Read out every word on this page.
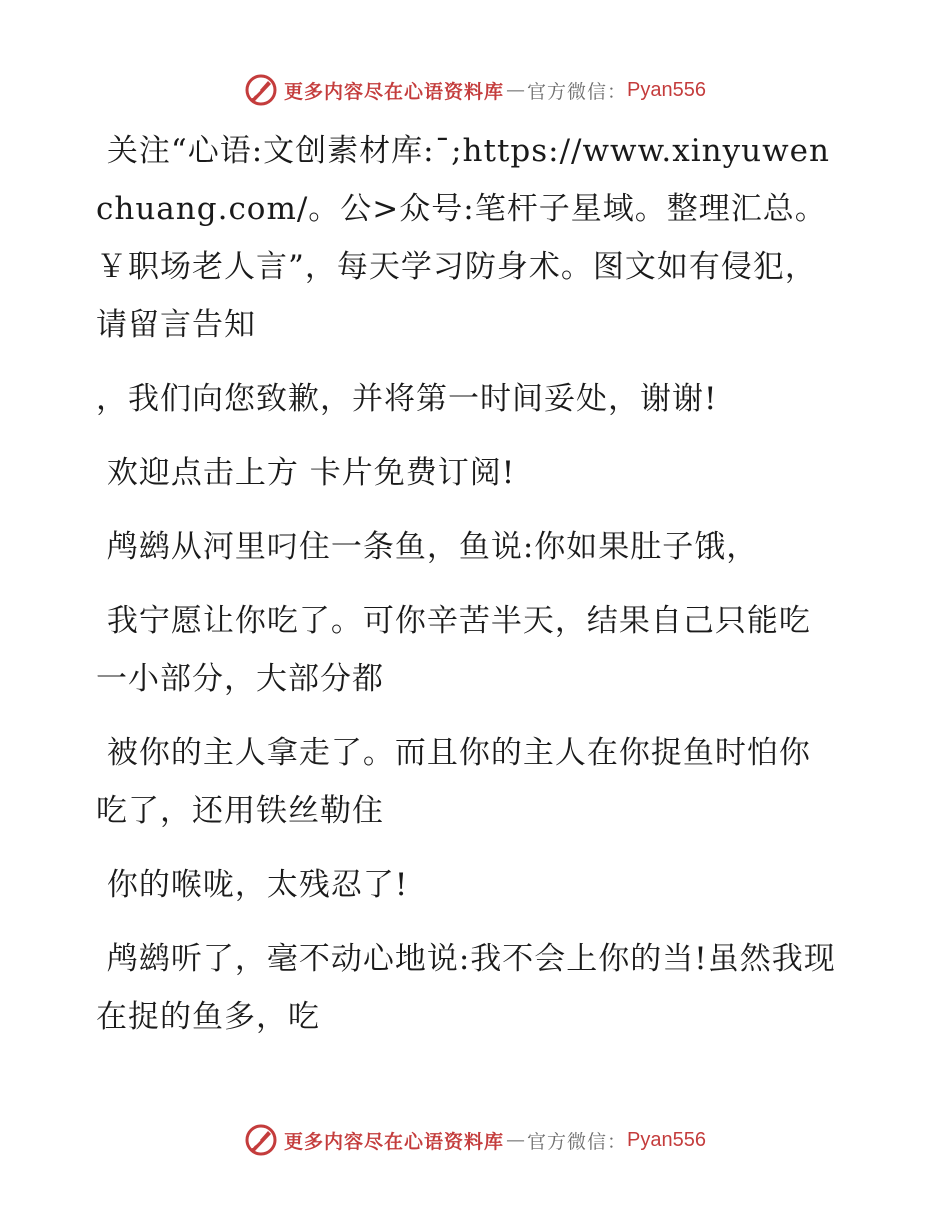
更多内容尽在心语资料库 — 官方微信： Pyan556

关注“心语:文创素材库:¯;https://www.xinyuwenchuang.com/。公>众号:笔杆子星域。整理汇总。￥职场老人言”，每天学习防身术。图文如有侵犯，请留言告知

，我们向您致歉，并将第一时间妥处，谢谢!

欢迎点击上方 卡片免费订阅!

鸬鹚从河里叼住一条鱼，鱼说:你如果肚子饿，

我宁愿让你吃了。可你辛苦半天，结果自己只能吃一小部分，大部分都

被你的主人拿走了。而且你的主人在你捉鱼时怕你吃了，还用铁丝勒住

你的喉咙，太残忍了!

鸬鹚听了，毫不动心地说:我不会上你的当!虽然我现在捉的鱼多，吃

更多内容尽在心语资料库 — 官方微信： Pyan556
